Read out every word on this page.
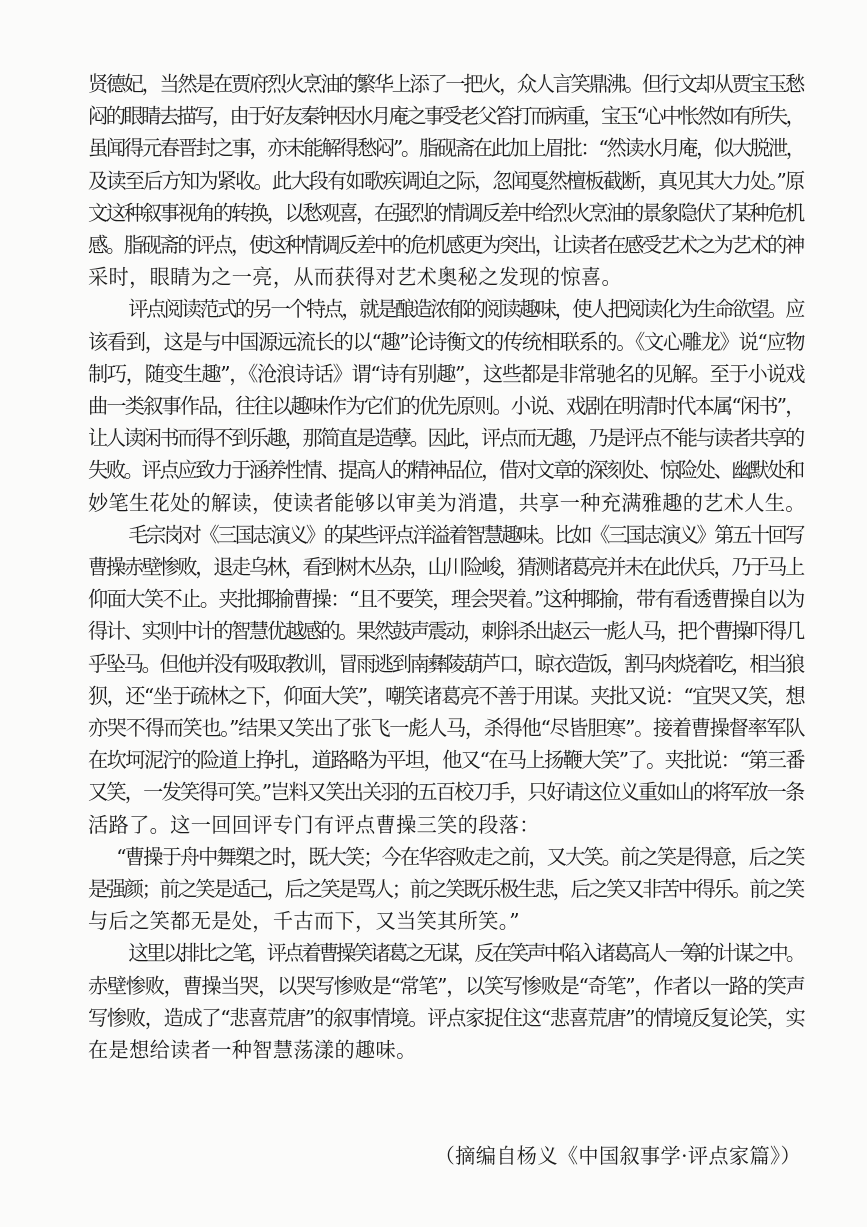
贤德妃，当然是在贾府烈火烹油的繁华上添了一把火，众人言笑鼎沸。但行文却从贾宝玉愁
闷的眼睛去描写，由于好友秦钟因水月庵之事受老父笞打而病重，宝玉“心中怅然如有所失，
虽闻得元春晋封之事，亦未能解得愁闷”。脂砚斋在此加上眉批：“然读水月庵，似大脱泄，
及读至后方知为紧收。此大段有如歌疾调迫之际，忽闻戛然檀板截断，真见其大力处。”原
文这种叙事视角的转换，以愁观喜，在强烈的情调反差中给烈火烹油的景象隐伏了某种危机
感。脂砚斋的评点，使这种情调反差中的危机感更为突出，让读者在感受艺术之为艺术的神
采时，眼睛为之一亮，从而获得对艺术奥秘之发现的惊喜。
评点阅读范式的另一个特点，就是酿造浓郁的阅读趣味，使人把阅读化为生命欲望。应
该看到，这是与中国源远流长的以“趣”论诗衡文的传统相联系的。《文心雕龙》说“应物
制巧，随变生趣”，《沧浪诗话》谓“诗有别趣”，这些都是非常驰名的见解。至于小说戏
曲一类叙事作品，往往以趣味作为它们的优先原则。小说、戏剧在明清时代本属“闲书”，
让人读闲书而得不到乐趣，那简直是造孽。因此，评点而无趣，乃是评点不能与读者共享的
失败。评点应致力于涵养性情、提高人的精神品位，借对文章的深刻处、惊险处、幽默处和
妙笔生花处的解读，使读者能够以审美为消遣，共享一种充满雅趣的艺术人生。
毛宗岗对《三国志演义》的某些评点洋溢着智慧趣味。比如《三国志演义》第五十回写
曹操赤壁惨败，退走乌林，看到树木丛杂，山川险峻，猜测诸葛亮并未在此伏兵，乃于马上
仰面大笑不止。夹批揶揄曹操：“且不要笑，理会哭着。”这种揶揄，带有看透曹操自以为
得计、实则中计的智慧优越感的。果然鼓声震动，刺斜杀出赵云一彪人马，把个曹操吓得几
乎坠马。但他并没有吸取教训，冒雨逃到南彝陵葫芦口，晾衣造饭，割马肉烧着吃，相当狼
狈，还“坐于疏林之下，仰面大笑”，嘲笑诸葛亮不善于用谋。夹批又说：“宜哭又笑，想
亦哭不得而笑也。”结果又笑出了张飞一彪人马，杀得他“尽皆胆寒”。接着曹操督率军队
在坎坷泥泞的险道上挣扎，道路略为平坦，他又“在马上扬鞭大笑”了。夹批说：“第三番
又笑，一发笑得可笑。”岂料又笑出关羽的五百校刀手，只好请这位义重如山的将军放一条
活路了。这一回回评专门有评点曹操三笑的段落：
“曹操于舟中舞槊之时，既大笑；今在华容败走之前，又大笑。前之笑是得意，后之笑
是强颜；前之笑是适己，后之笑是骂人；前之笑既乐极生悲，后之笑又非苦中得乐。前之笑
与后之笑都无是处，千古而下，又当笑其所笑。”
这里以排比之笔，评点着曹操笑诸葛之无谋，反在笑声中陷入诸葛高人一筹的计谋之中。
赤壁惨败，曹操当哭，以哭写惨败是“常笔”，以笑写惨败是“奇笔”，作者以一路的笑声
写惨败，造成了“悲喜荒唐”的叙事情境。评点家捉住这“悲喜荒唐”的情境反复论笑，实
在是想给读者一种智慧荡漾的趣味。
（摘编自杨义《中国叙事学·评点家篇》）
